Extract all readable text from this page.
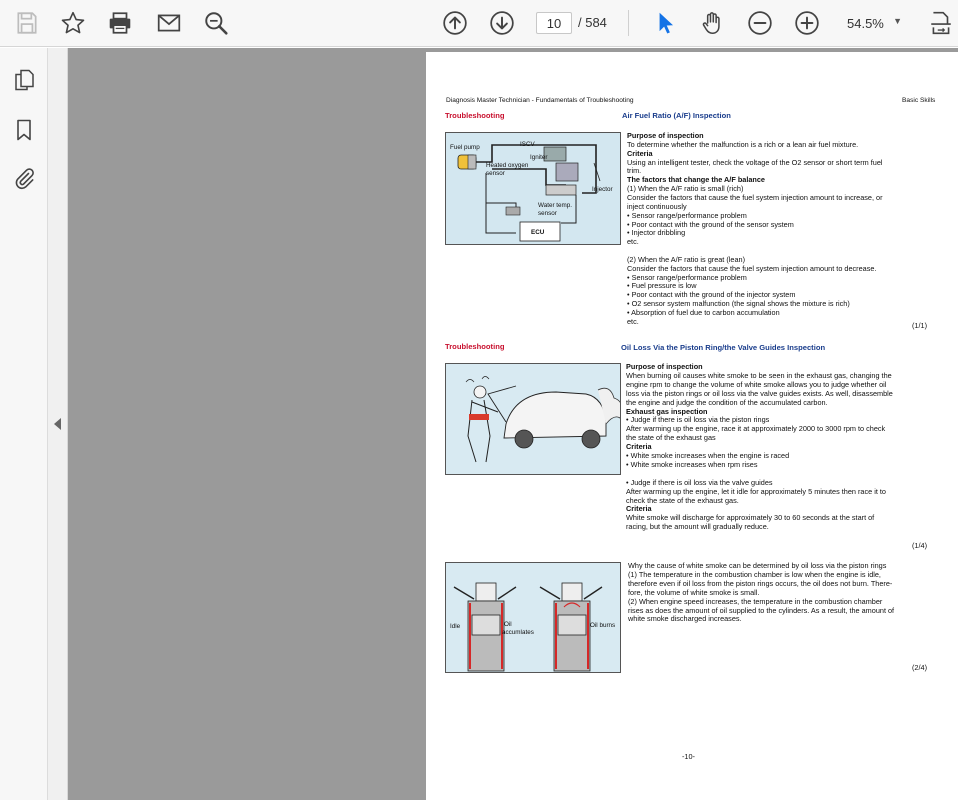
10	/ 584	54.5% ▼
Diagnosis Master Technician - Fundamentals of Troubleshooting	Basic Skills
Troubleshooting	Air Fuel Ratio (A/F) Inspection
Fuel pump	ISCV
Igniter
Heated oxygen
sensor
Injector
Water temp.
sensor
ECU
Purpose of inspection
To determine whether the malfunction is a rich or a lean air fuel mixture.
Criteria
Using an intelligent tester, check the voltage of the O2 sensor or short term fuel
trim.
The factors that change the A/F balance
(1) When the A/F ratio is small (rich)
Consider the factors that cause the fuel system injection amount to increase, or
inject continuously
• Sensor range/performance problem
• Poor contact with the ground of the sensor system
• Injector dribbling
etc.
(2) When the A/F ratio is great (lean)
Consider the factors that cause the fuel system injection amount to decrease.
• Sensor range/performance problem
• Fuel pressure is low
• Poor contact with the ground of the injector system
• O2 sensor system malfunction (the signal shows the mixture is rich)
• Absorption of fuel due to carbon accumulation
etc.	(1/1)
Troubleshooting	Oil Loss Via the Piston Ring/the Valve Guides Inspection
Purpose of inspection
When burning oil causes white smoke to be seen in the exhaust gas, changing the
engine rpm to change the volume of white smoke allows you to judge whether oil
loss via the piston rings or oil loss via the valve guides exists. As well, disassemble
the engine and judge the condition of the accumulated carbon.
Exhaust gas inspection
• Judge if there is oil loss via the piston rings
After warming up the engine, race it at approximately 2000 to 3000 rpm to check
the state of the exhaust gas
Criteria
• White smoke increases when the engine is raced
• White smoke increases when rpm rises
• Judge if there is oil loss via the valve guides
After warming up the engine, let it idle for approximately 5 minutes then race it to
check the state of the exhaust gas.
Criteria
White smoke will discharge for approximately 30 to 60 seconds at the start of
racing, but the amount will gradually reduce.
(1/4)
Idle	Oil
accumlates
Oil burns
Why the cause of white smoke can be determined by oil loss via the piston rings
(1) The temperature in the combustion chamber is low when the engine is idle,
therefore even if oil loss from the piston rings occurs, the oil does not burn. There-
fore, the volume of white smoke is small.
(2) When engine speed increases, the temperature in the combustion chamber
rises as does the amount of oil supplied to the cylinders. As a result, the amount of
white smoke discharged increases.
(2/4)
-10-
